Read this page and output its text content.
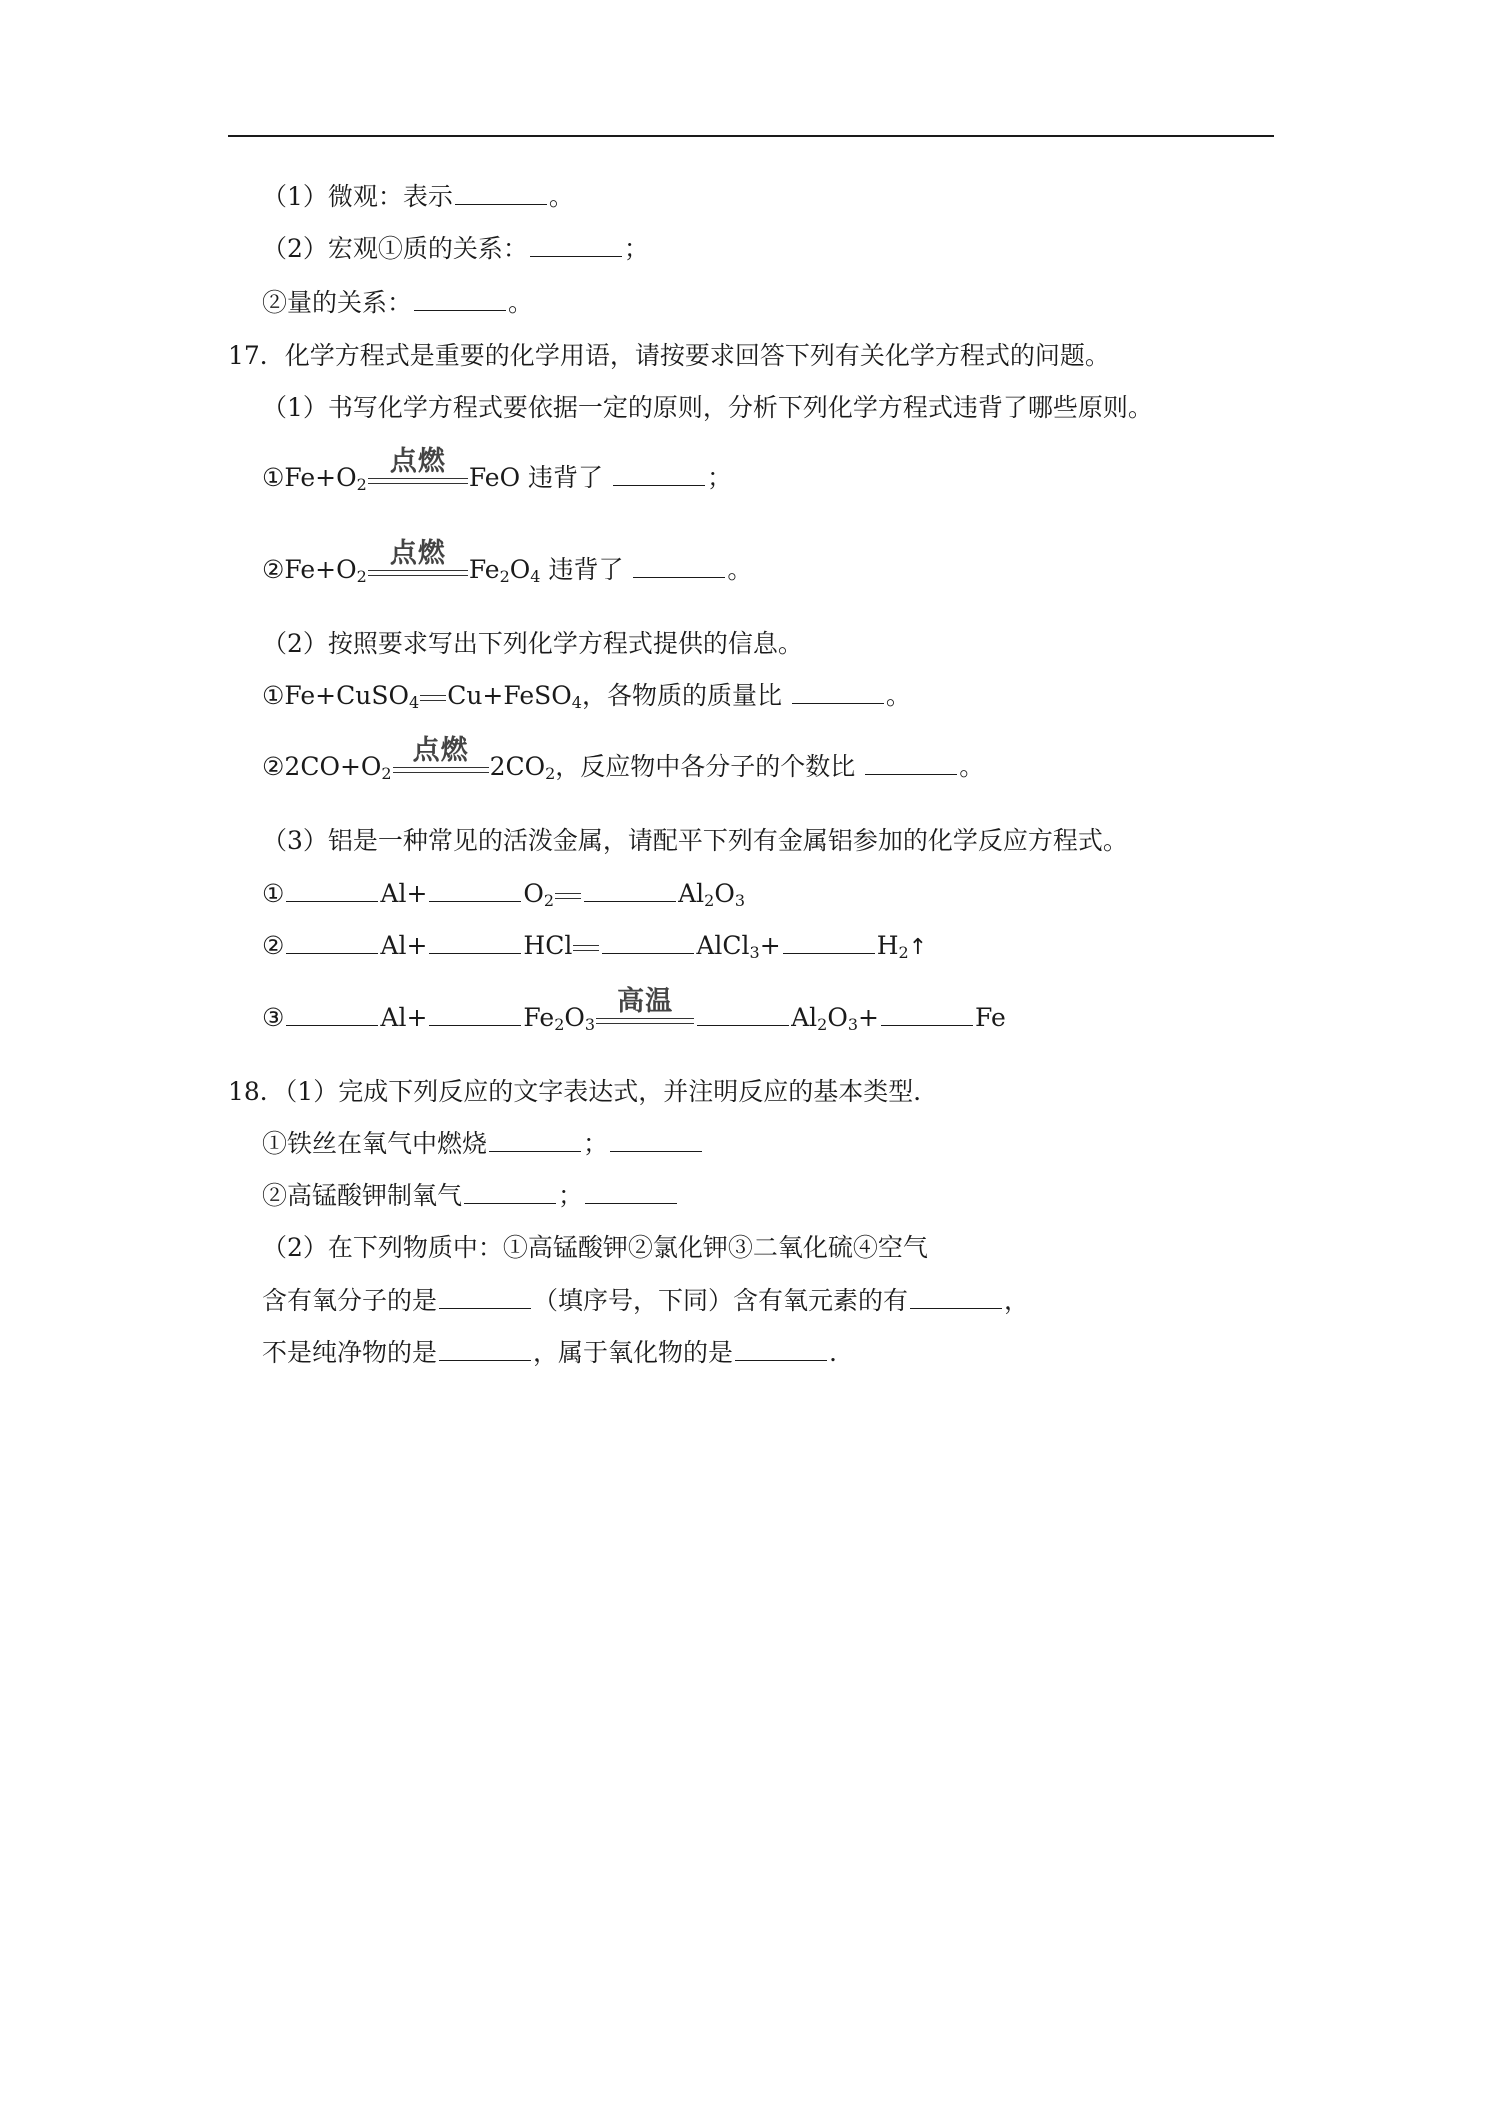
（1）微观：表示	。
（2）宏观①质的关系：	；
②量的关系：	。
17．化学方程式是重要的化学用语，请按要求回答下列有关化学方程式的问题。
（1）书写化学方程式要依据一定的原则，分析下列化学方程式违背了哪些原则。
$①Fe+O_2$
点燃
FeO 违背了	；
$②Fe+O_2$
点燃
$Fe_2O_4$ 违背了	。
（2）按照要求写出下列化学方程式提供的信息。
①Fe+CuSO$_4$ Cu+FeSO$_4$，各物质的质量比	。
$②2CO+O_2$
点燃
$2CO_2$，反应物中各分子的个数比	。
（3）铝是一种常见的活泼金属，请配平下列有金属铝参加的化学反应方程式。
①	Al+	$O_2$	$Al_2O_3$
②	Al+	HCl	AlCl$_3$+	$H_2↑$
③	Al+	$Fe_2O_3$
高温
$Al_2O_3+$	Fe
18．（1）完成下列反应的文字表达式，并注明反应的基本类型．
①铁丝在氧气中燃烧	；
②高锰酸钾制氧气	；
（2）在下列物质中：①高锰酸钾②氯化钾③二氧化硫④空气
含有氧分子的是	（填序号，下同）含有氧元素的有	，
不是纯净物的是	，属于氧化物的是	.
